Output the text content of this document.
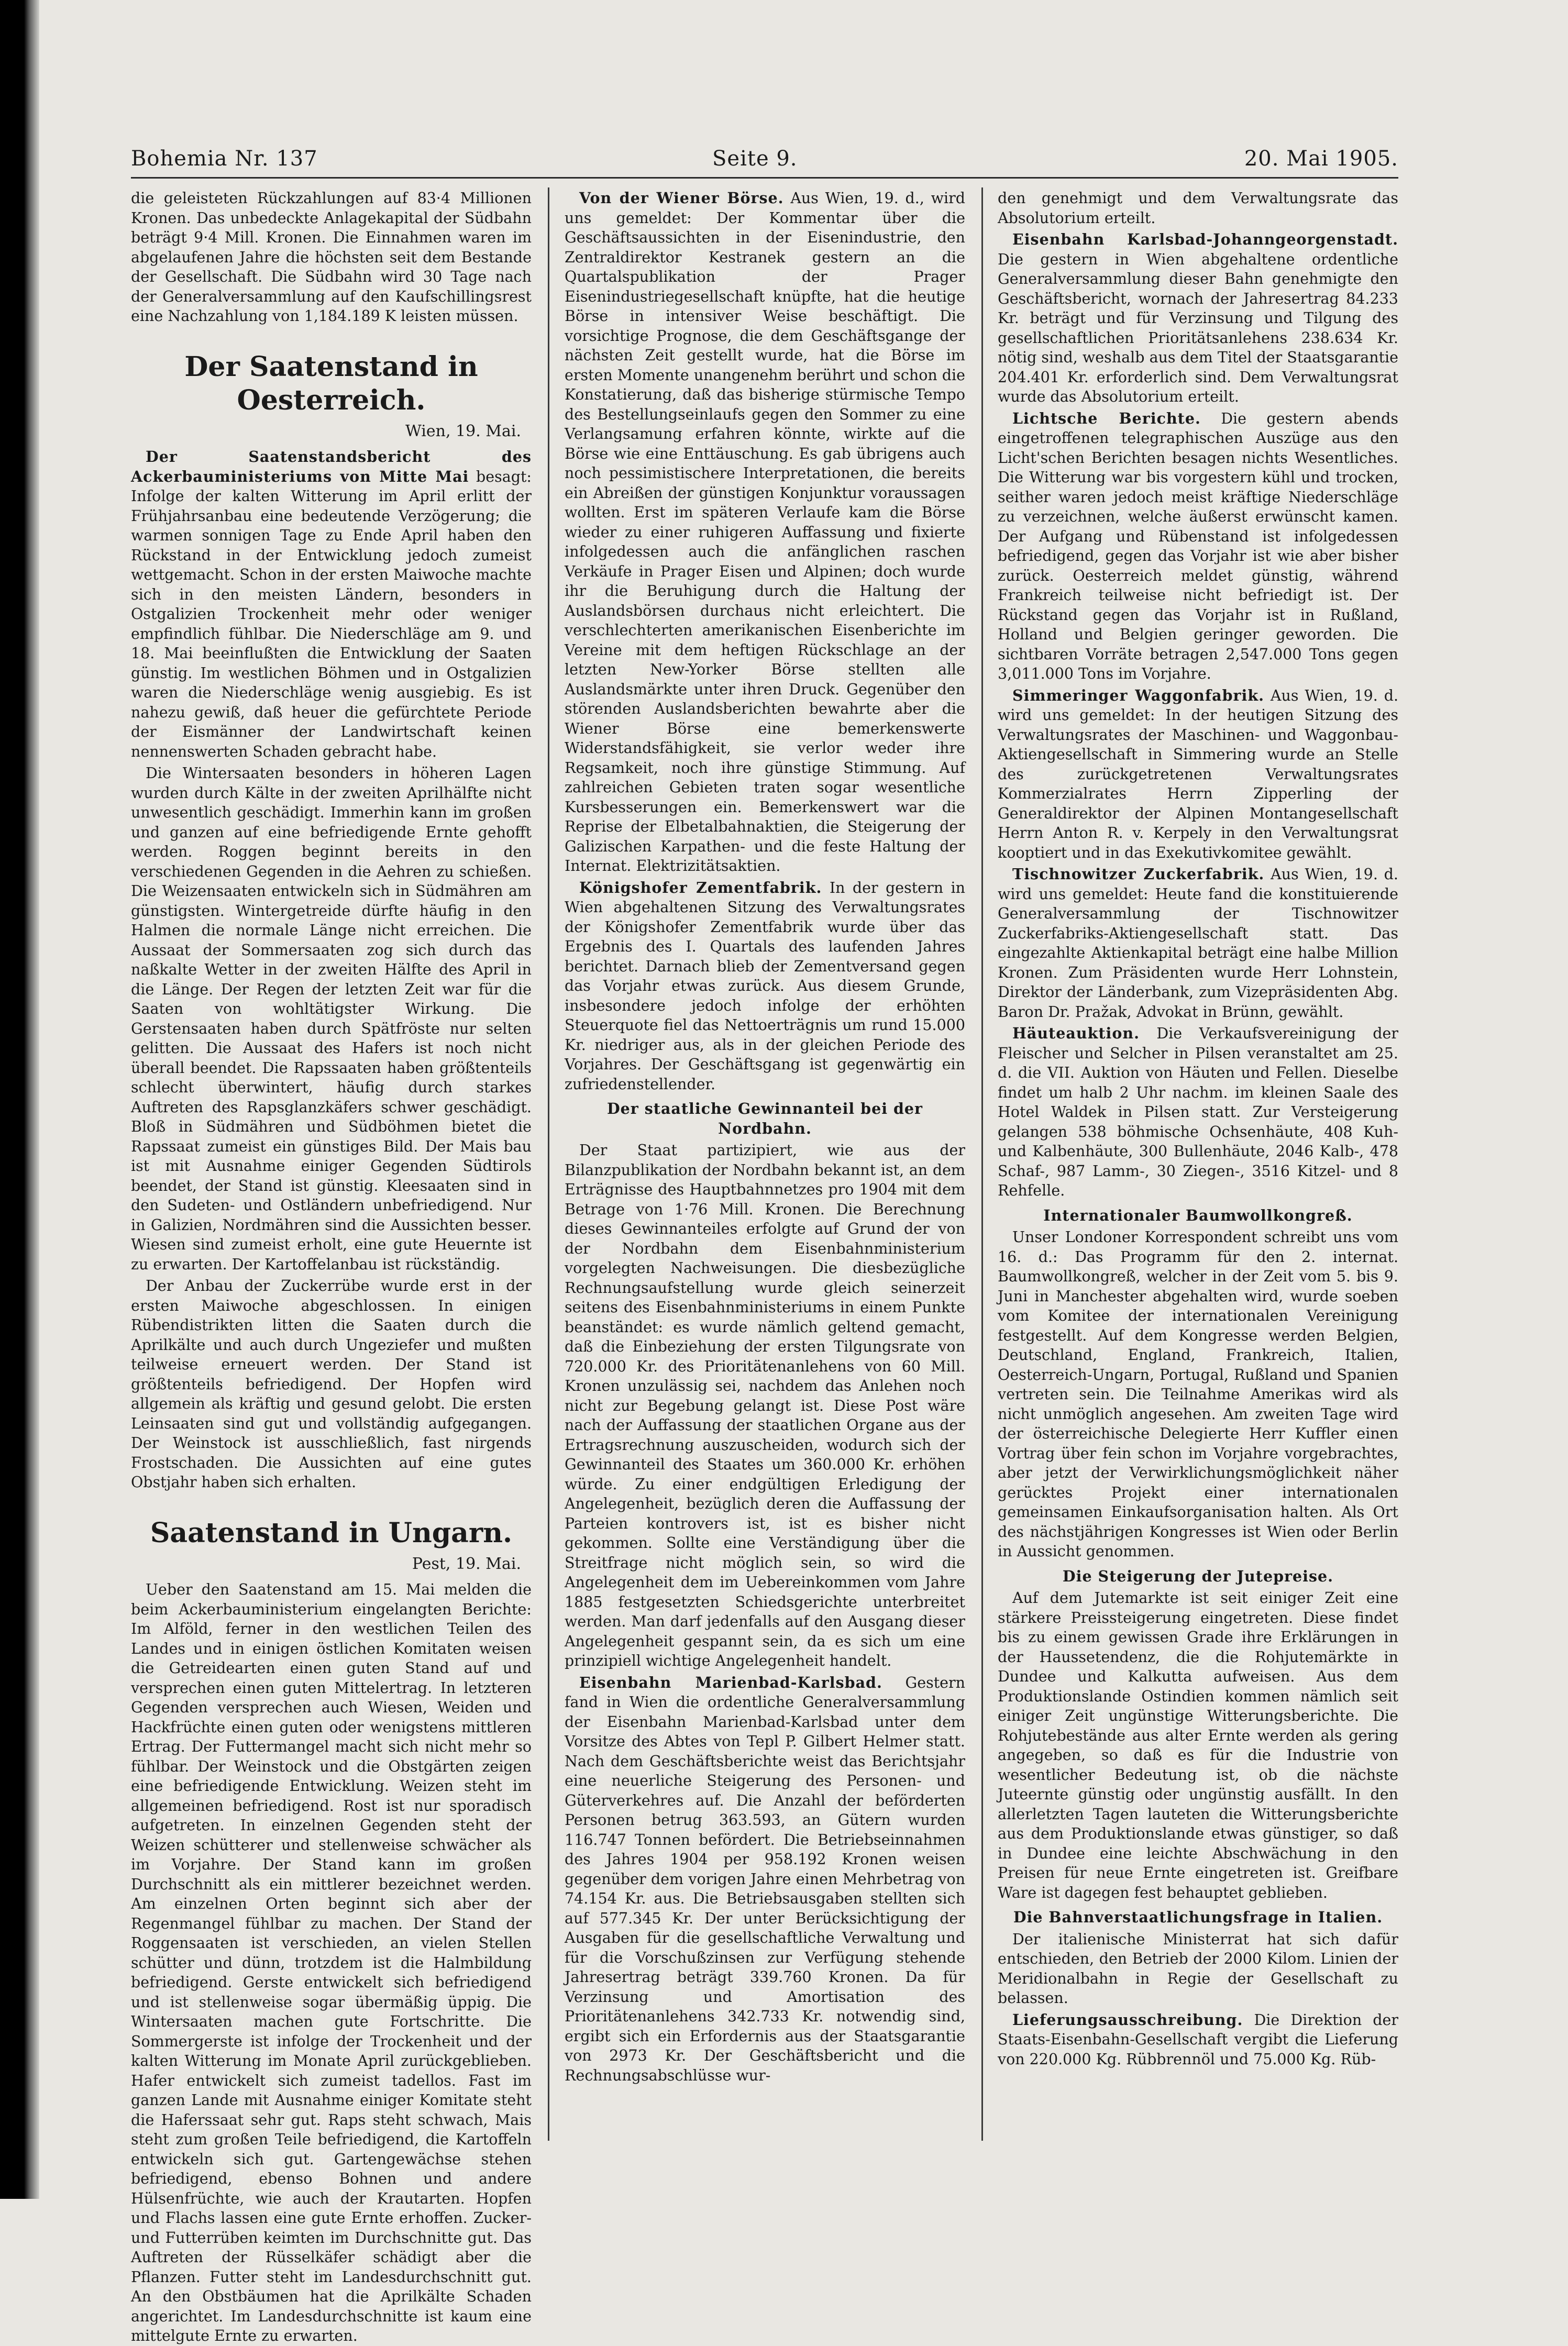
Bohemia Nr. 137	Seite 9.	20. Mai 1905.

die geleisteten Rückzahlungen auf 83·4 Millionen Kronen. Das unbedeckte Anlagekapital der Südbahn beträgt 9·4 Mill. Kronen. Die Einnahmen waren im abgelaufenen Jahre die höchsten seit dem Bestande der Gesellschaft. Die Südbahn wird 30 Tage nach der Generalversammlung auf den Kaufschillingsrest eine Nachzahlung von 1,184.189 K leisten müssen.

Der Saatenstand in Oesterreich.
Wien, 19. Mai.

Der Saatenstandsbericht des Ackerbauministeriums von Mitte Mai besagt: Infolge der kalten Witterung im April erlitt der Frühjahrsanbau eine bedeutende Verzögerung; die warmen sonnigen Tage zu Ende April haben den Rückstand in der Entwicklung jedoch zumeist wettgemacht. Schon in der ersten Maiwoche machte sich in den meisten Ländern, besonders in Ostgalizien Trockenheit mehr oder weniger empfindlich fühlbar. Die Niederschläge am 9. und 18. Mai beeinflußten die Entwicklung der Saaten günstig. Im westlichen Böhmen und in Ostgalizien waren die Niederschläge wenig ausgiebig. Es ist nahezu gewiß, daß heuer die gefürchtete Periode der Eismänner der Landwirtschaft keinen nennenswerten Schaden gebracht habe.

Die Wintersaaten besonders in höheren Lagen wurden durch Kälte in der zweiten Aprilhälfte nicht unwesentlich geschädigt. Immerhin kann im großen und ganzen auf eine befriedigende Ernte gehofft werden. Roggen beginnt bereits in den verschiedenen Gegenden in die Aehren zu schießen. Die Weizensaaten entwickeln sich in Südmähren am günstigsten. Wintergetreide dürfte häufig in den Halmen die normale Länge nicht erreichen. Die Aussaat der Sommersaaten zog sich durch das naßkalte Wetter in der zweiten Hälfte des April in die Länge. Der Regen der letzten Zeit war für die Saaten von wohltätigster Wirkung. Die Gerstensaaten haben durch Spätfröste nur selten gelitten. Die Aussaat des Hafers ist noch nicht überall beendet. Die Rapssaaten haben größtenteils schlecht überwintert, häufig durch starkes Auftreten des Rapsglanzkäfers schwer geschädigt. Bloß in Südmähren und Südböhmen bietet die Rapssaat zumeist ein günstiges Bild. Der Mais bau ist mit Ausnahme einiger Gegenden Südtirols beendet, der Stand ist günstig. Kleesaaten sind in den Sudeten- und Ostländern unbefriedigend. Nur in Galizien, Nordmähren sind die Aussichten besser. Wiesen sind zumeist erholt, eine gute Heuernte ist zu erwarten. Der Kartoffelanbau ist rückständig.

Der Anbau der Zuckerrübe wurde erst in der ersten Maiwoche abgeschlossen. In einigen Rübendistrikten litten die Saaten durch die Aprilkälte und auch durch Ungeziefer und mußten teilweise erneuert werden. Der Stand ist größtenteils befriedigend. Der Hopfen wird allgemein als kräftig und gesund gelobt. Die ersten Leinsaaten sind gut und vollständig aufgegangen. Der Weinstock ist ausschließlich, fast nirgends Frostschaden. Die Aussichten auf eine gutes Obstjahr haben sich erhalten.

Saatenstand in Ungarn.
Pest, 19. Mai.

Ueber den Saatenstand am 15. Mai melden die beim Ackerbauministerium eingelangten Berichte: Im Alföld, ferner in den westlichen Teilen des Landes und in einigen östlichen Komitaten weisen die Getreidearten einen guten Stand auf und versprechen einen guten Mittelertrag. In letzteren Gegenden versprechen auch Wiesen, Weiden und Hackfrüchte einen guten oder wenigstens mittleren Ertrag. Der Futtermangel macht sich nicht mehr so fühlbar. Der Weinstock und die Obstgärten zeigen eine befriedigende Entwicklung. Weizen steht im allgemeinen befriedigend. Rost ist nur sporadisch aufgetreten. In einzelnen Gegenden steht der Weizen schütterer und stellenweise schwächer als im Vorjahre. Der Stand kann im großen Durchschnitt als ein mittlerer bezeichnet werden. Am einzelnen Orten beginnt sich aber der Regenmangel fühlbar zu machen. Der Stand der Roggensaaten ist verschieden, an vielen Stellen schütter und dünn, trotzdem ist die Halmbildung befriedigend. Gerste entwickelt sich befriedigend und ist stellenweise sogar übermäßig üppig. Die Wintersaaten machen gute Fortschritte. Die Sommergerste ist infolge der Trockenheit und der kalten Witterung im Monate April zurückgeblieben. Hafer entwickelt sich zumeist tadellos. Fast im ganzen Lande mit Ausnahme einiger Komitate steht die Haferssaat sehr gut. Raps steht schwach, Mais steht zum großen Teile befriedigend, die Kartoffeln entwickeln sich gut. Gartengewächse stehen befriedigend, ebenso Bohnen und andere Hülsenfrüchte, wie auch der Krautarten. Hopfen und Flachs lassen eine gute Ernte erhoffen. Zucker- und Futterrüben keimten im Durchschnitte gut. Das Auftreten der Rüsselkäfer schädigt aber die Pflanzen. Futter steht im Landesdurchschnitt gut. An den Obstbäumen hat die Aprilkälte Schaden angerichtet. Im Landesdurchschnitte ist kaum eine mittelgute Ernte zu erwarten.

Von der Wiener Börse. Aus Wien, 19. d., wird uns gemeldet: Der Kommentar über die Geschäftsaussichten in der Eisenindustrie, den Zentraldirektor Kestranek gestern an die Quartalspublikation der Prager Eisenindustriegesellschaft knüpfte, hat die heutige Börse in intensiver Weise beschäftigt. Die vorsichtige Prognose, die dem Geschäftsgange der nächsten Zeit gestellt wurde, hat die Börse im ersten Momente unangenehm berührt und schon die Konstatierung, daß das bisherige stürmische Tempo des Bestellungseinlaufs gegen den Sommer zu eine Verlangsamung erfahren könnte, wirkte auf die Börse wie eine Enttäuschung. Es gab übrigens auch noch pessimistischere Interpretationen, die bereits ein Abreißen der günstigen Konjunktur voraussagen wollten. Erst im späteren Verlaufe kam die Börse wieder zu einer ruhigeren Auffassung und fixierte infolgedessen auch die anfänglichen raschen Verkäufe in Prager Eisen und Alpinen; doch wurde ihr die Beruhigung durch die Haltung der Auslandsbörsen durchaus nicht erleichtert. Die verschlechterten amerikanischen Eisenberichte im Vereine mit dem heftigen Rückschlage an der letzten New-Yorker Börse stellten alle Auslandsmärkte unter ihren Druck. Gegenüber den störenden Auslandsberichten bewahrte aber die Wiener Börse eine bemerkenswerte Widerstandsfähigkeit, sie verlor weder ihre Regsamkeit, noch ihre günstige Stimmung. Auf zahlreichen Gebieten traten sogar wesentliche Kursbesserungen ein. Bemerkenswert war die Reprise der Elbetalbahnaktien, die Steigerung der Galizischen Karpathen- und die feste Haltung der Internat. Elektrizitätsaktien.

Königshofer Zementfabrik. In der gestern in Wien abgehaltenen Sitzung des Verwaltungsrates der Königshofer Zementfabrik wurde über das Ergebnis des I. Quartals des laufenden Jahres berichtet. Darnach blieb der Zementversand gegen das Vorjahr etwas zurück. Aus diesem Grunde, insbesondere jedoch infolge der erhöhten Steuerquote fiel das Nettoerträgnis um rund 15.000 Kr. niedriger aus, als in der gleichen Periode des Vorjahres. Der Geschäftsgang ist gegenwärtig ein zufriedenstellender.

Der staatliche Gewinnanteil bei der Nordbahn.

Der Staat partizipiert, wie aus der Bilanzpublikation der Nordbahn bekannt ist, an dem Erträgnisse des Hauptbahnnetzes pro 1904 mit dem Betrage von 1·76 Mill. Kronen. Die Berechnung dieses Gewinnanteiles erfolgte auf Grund der von der Nordbahn dem Eisenbahnministerium vorgelegten Nachweisungen. Die diesbezügliche Rechnungsaufstellung wurde gleich seinerzeit seitens des Eisenbahnministeriums in einem Punkte beanständet: es wurde nämlich geltend gemacht, daß die Einbeziehung der ersten Tilgungsrate von 720.000 Kr. des Prioritätenanlehens von 60 Mill. Kronen unzulässig sei, nachdem das Anlehen noch nicht zur Begebung gelangt ist. Diese Post wäre nach der Auffassung der staatlichen Organe aus der Ertragsrechnung auszuscheiden, wodurch sich der Gewinnanteil des Staates um 360.000 Kr. erhöhen würde. Zu einer endgültigen Erledigung der Angelegenheit, bezüglich deren die Auffassung der Parteien kontrovers ist, ist es bisher nicht gekommen. Sollte eine Verständigung über die Streitfrage nicht möglich sein, so wird die Angelegenheit dem im Uebereinkommen vom Jahre 1885 festgesetzten Schiedsgerichte unterbreitet werden. Man darf jedenfalls auf den Ausgang dieser Angelegenheit gespannt sein, da es sich um eine prinzipiell wichtige Angelegenheit handelt.

Eisenbahn Marienbad-Karlsbad. Gestern fand in Wien die ordentliche Generalversammlung der Eisenbahn Marienbad-Karlsbad unter dem Vorsitze des Abtes von Tepl P. Gilbert Helmer statt. Nach dem Geschäftsberichte weist das Berichtsjahr eine neuerliche Steigerung des Personen- und Güterverkehres auf. Die Anzahl der beförderten Personen betrug 363.593, an Gütern wurden 116.747 Tonnen befördert. Die Betriebseinnahmen des Jahres 1904 per 958.192 Kronen weisen gegenüber dem vorigen Jahre einen Mehrbetrag von 74.154 Kr. aus. Die Betriebsausgaben stellten sich auf 577.345 Kr. Der unter Berücksichtigung der Ausgaben für die gesellschaftliche Verwaltung und für die Vorschußzinsen zur Verfügung stehende Jahresertrag beträgt 339.760 Kronen. Da für Verzinsung und Amortisation des Prioritätenanlehens 342.733 Kr. notwendig sind, ergibt sich ein Erfordernis aus der Staatsgarantie von 2973 Kr. Der Geschäftsbericht und die Rechnungsabschlüsse wur-

den genehmigt und dem Verwaltungsrate das Absolutorium erteilt.

Eisenbahn Karlsbad-Johanngeorgenstadt. Die gestern in Wien abgehaltene ordentliche Generalversammlung dieser Bahn genehmigte den Geschäftsbericht, wornach der Jahresertrag 84.233 Kr. beträgt und für Verzinsung und Tilgung des gesellschaftlichen Prioritätsanlehens 238.634 Kr. nötig sind, weshalb aus dem Titel der Staatsgarantie 204.401 Kr. erforderlich sind. Dem Verwaltungsrat wurde das Absolutorium erteilt.

Lichtsche Berichte. Die gestern abends eingetroffenen telegraphischen Auszüge aus den Licht'schen Berichten besagen nichts Wesentliches. Die Witterung war bis vorgestern kühl und trocken, seither waren jedoch meist kräftige Niederschläge zu verzeichnen, welche äußerst erwünscht kamen. Der Aufgang und Rübenstand ist infolgedessen befriedigend, gegen das Vorjahr ist wie aber bisher zurück. Oesterreich meldet günstig, während Frankreich teilweise nicht befriedigt ist. Der Rückstand gegen das Vorjahr ist in Rußland, Holland und Belgien geringer geworden. Die sichtbaren Vorräte betragen 2,547.000 Tons gegen 3,011.000 Tons im Vorjahre.

Simmeringer Waggonfabrik. Aus Wien, 19. d. wird uns gemeldet: In der heutigen Sitzung des Verwaltungsrates der Maschinen- und Waggonbau-Aktiengesellschaft in Simmering wurde an Stelle des zurückgetretenen Verwaltungsrates Kommerzialrates Herrn Zipperling der Generaldirektor der Alpinen Montangesellschaft Herrn Anton R. v. Kerpely in den Verwaltungsrat kooptiert und in das Exekutivkomitee gewählt.

Tischnowitzer Zuckerfabrik. Aus Wien, 19. d. wird uns gemeldet: Heute fand die konstituierende Generalversammlung der Tischnowitzer Zuckerfabriks-Aktiengesellschaft statt. Das eingezahlte Aktienkapital beträgt eine halbe Million Kronen. Zum Präsidenten wurde Herr Lohnstein, Direktor der Länderbank, zum Vizepräsidenten Abg. Baron Dr. Pražak, Advokat in Brünn, gewählt.

Häuteauktion. Die Verkaufsvereinigung der Fleischer und Selcher in Pilsen veranstaltet am 25. d. die VII. Auktion von Häuten und Fellen. Dieselbe findet um halb 2 Uhr nachm. im kleinen Saale des Hotel Waldek in Pilsen statt. Zur Versteigerung gelangen 538 böhmische Ochsenhäute, 408 Kuh- und Kalbenhäute, 300 Bullenhäute, 2046 Kalb-, 478 Schaf-, 987 Lamm-, 30 Ziegen-, 3516 Kitzel- und 8 Rehfelle.

Internationaler Baumwollkongreß.

Unser Londoner Korrespondent schreibt uns vom 16. d.: Das Programm für den 2. internat. Baumwollkongreß, welcher in der Zeit vom 5. bis 9. Juni in Manchester abgehalten wird, wurde soeben vom Komitee der internationalen Vereinigung festgestellt. Auf dem Kongresse werden Belgien, Deutschland, England, Frankreich, Italien, Oesterreich-Ungarn, Portugal, Rußland und Spanien vertreten sein. Die Teilnahme Amerikas wird als nicht unmöglich angesehen. Am zweiten Tage wird der österreichische Delegierte Herr Kuffler einen Vortrag über fein schon im Vorjahre vorgebrachtes, aber jetzt der Verwirklichungsmöglichkeit näher gerücktes Projekt einer internationalen gemeinsamen Einkaufsorganisation halten. Als Ort des nächstjährigen Kongresses ist Wien oder Berlin in Aussicht genommen.

Die Steigerung der Jutepreise.

Auf dem Jutemarkte ist seit einiger Zeit eine stärkere Preissteigerung eingetreten. Diese findet bis zu einem gewissen Grade ihre Erklärungen in der Haussetendenz, die die Rohjutemärkte in Dundee und Kalkutta aufweisen. Aus dem Produktionslande Ostindien kommen nämlich seit einiger Zeit ungünstige Witterungsberichte. Die Rohjutebestände aus alter Ernte werden als gering angegeben, so daß es für die Industrie von wesentlicher Bedeutung ist, ob die nächste Juteernte günstig oder ungünstig ausfällt. In den allerletzten Tagen lauteten die Witterungsberichte aus dem Produktionslande etwas günstiger, so daß in Dundee eine leichte Abschwächung in den Preisen für neue Ernte eingetreten ist. Greifbare Ware ist dagegen fest behauptet geblieben.

Die Bahnverstaatlichungsfrage in Italien.

Der italienische Ministerrat hat sich dafür entschieden, den Betrieb der 2000 Kilom. Linien der Meridionalbahn in Regie der Gesellschaft zu belassen.

Lieferungsausschreibung. Die Direktion der Staats-Eisenbahn-Gesellschaft vergibt die Lieferung von 220.000 Kg. Rübbrennöl und 75.000 Kg. Rüb-
